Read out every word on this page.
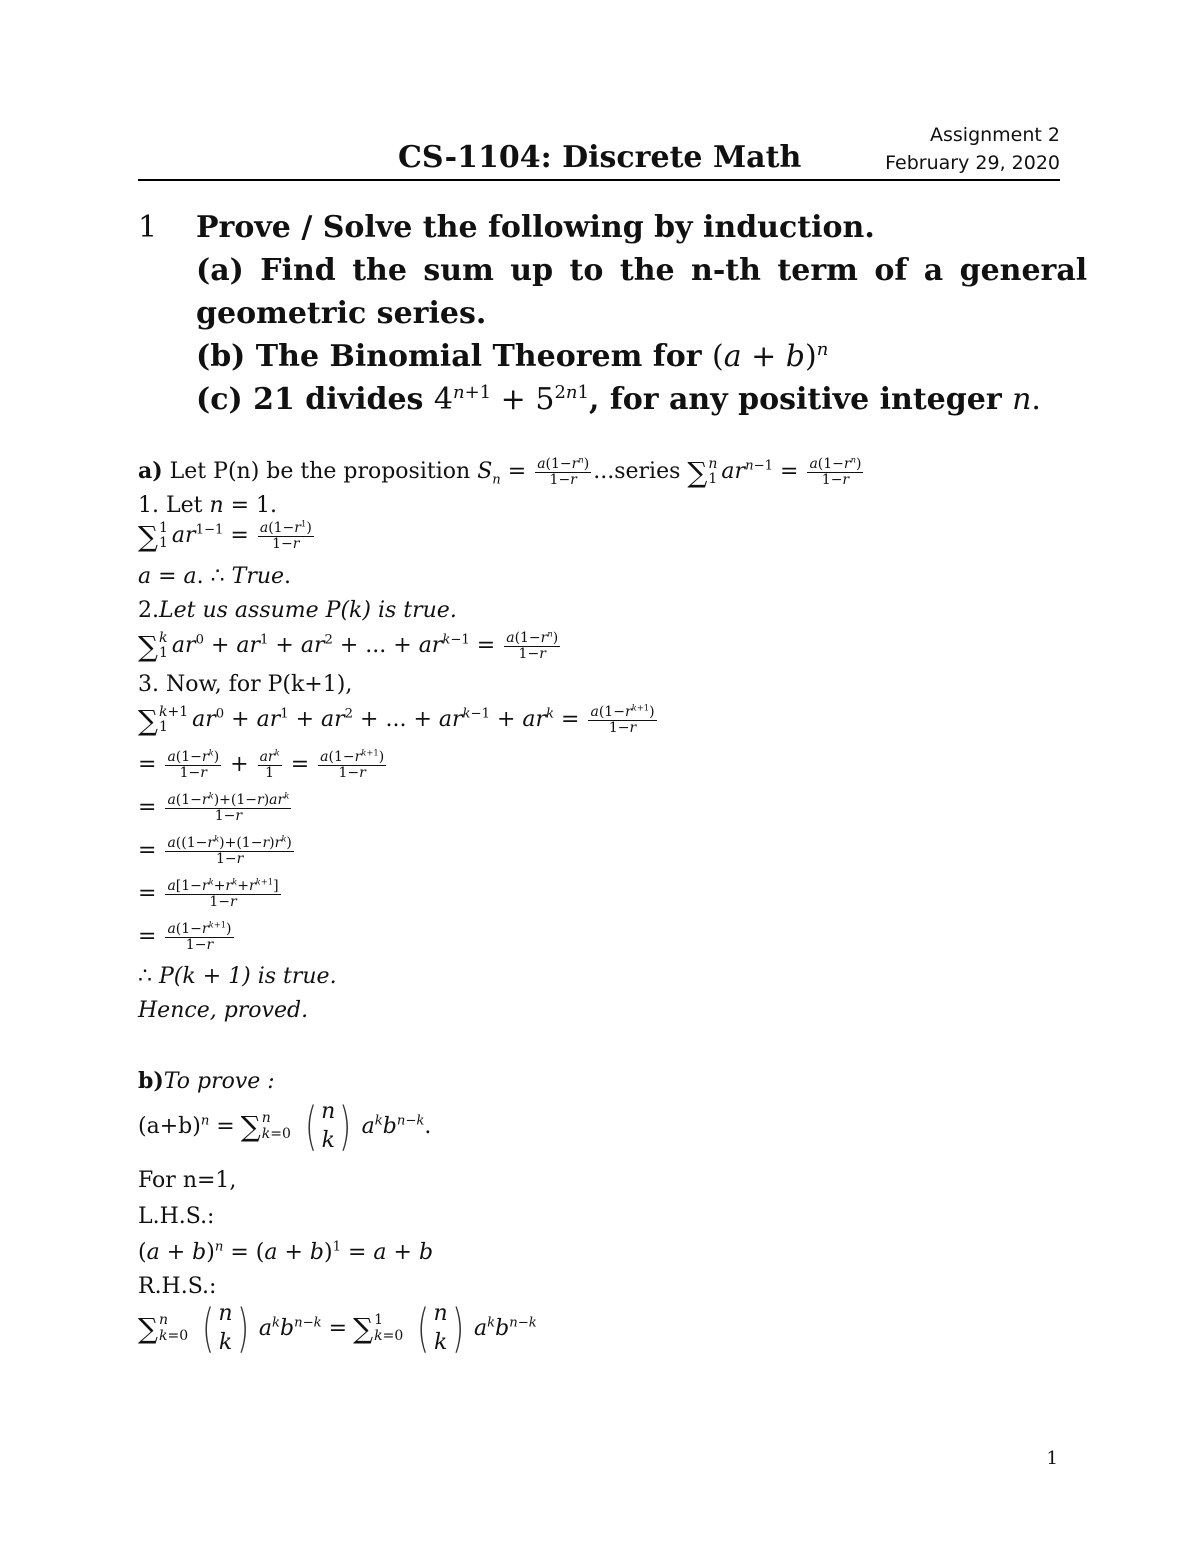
Assignment 2
CS-1104: Discrete Math	February 29, 2020
1 Prove / Solve the following by induction.
(a) Find the sum up to the n-th term of a general
geometric series.
(b) The Binomial Theorem for $(a + b)^n$
(c) 21 divides $4^{n+1} + 5^{2n1}$, for any positive integer n.
a) Let P(n) be the proposition $S_n = \frac{a(1-r^n)}{1-r}$ ...series ∑ n
1 $ar^{n-1} = \frac{a(1-r^n)}{1-r}$
1. Let n = 1.
∑ 1
1 $ar^{1-1} = \frac{a(1-r^1)}{1-r}$
a = a. ∴ True.
2.Let us assume P(k) is true.
∑ k
1 $ar^0 + ar^1 + ar^2$ + ... + $ar^{k-1} = \frac{a(1-r^n)}{1-r}$
3. Now, for P(k+1),
∑ k+1
1	$ar^0 + ar^1 + ar^2$ + ... + $ar^{k-1} + ar^k = \frac{a(1-r^{k+1})}{1-r}$
= $\frac{a(1-r^k)}{1-r} + \frac{ar^k}{1} = \frac{a(1-r^{k+1})}{1-r}$
= $\frac{a(1-r^k)+(1-r)ar^k}{1-r}$
= $\frac{a((1-r^k)+(1-r)r^k)}{1-r}$
= $\frac{a[1-r^k+r^k+r^{k+1}]}{1-r}$
= $\frac{a(1-r^{k+1})}{1-r}$
∴ P(k + 1) is true.
Hence, proved.
b)To prove :
$(a+b)^n$ = ∑ n
k=0 ( n
k ) $a^kb^{n-k}$.
For n=1,
L.H.S.:
$(a + b)^n = (a + b)^1 = a + b$
R.H.S.:
∑ n
k=0 ( n
k ) $a^kb^{n-k}$ = ∑ 1
k=0 ( n
k ) $a^kb^{n-k}$
1
